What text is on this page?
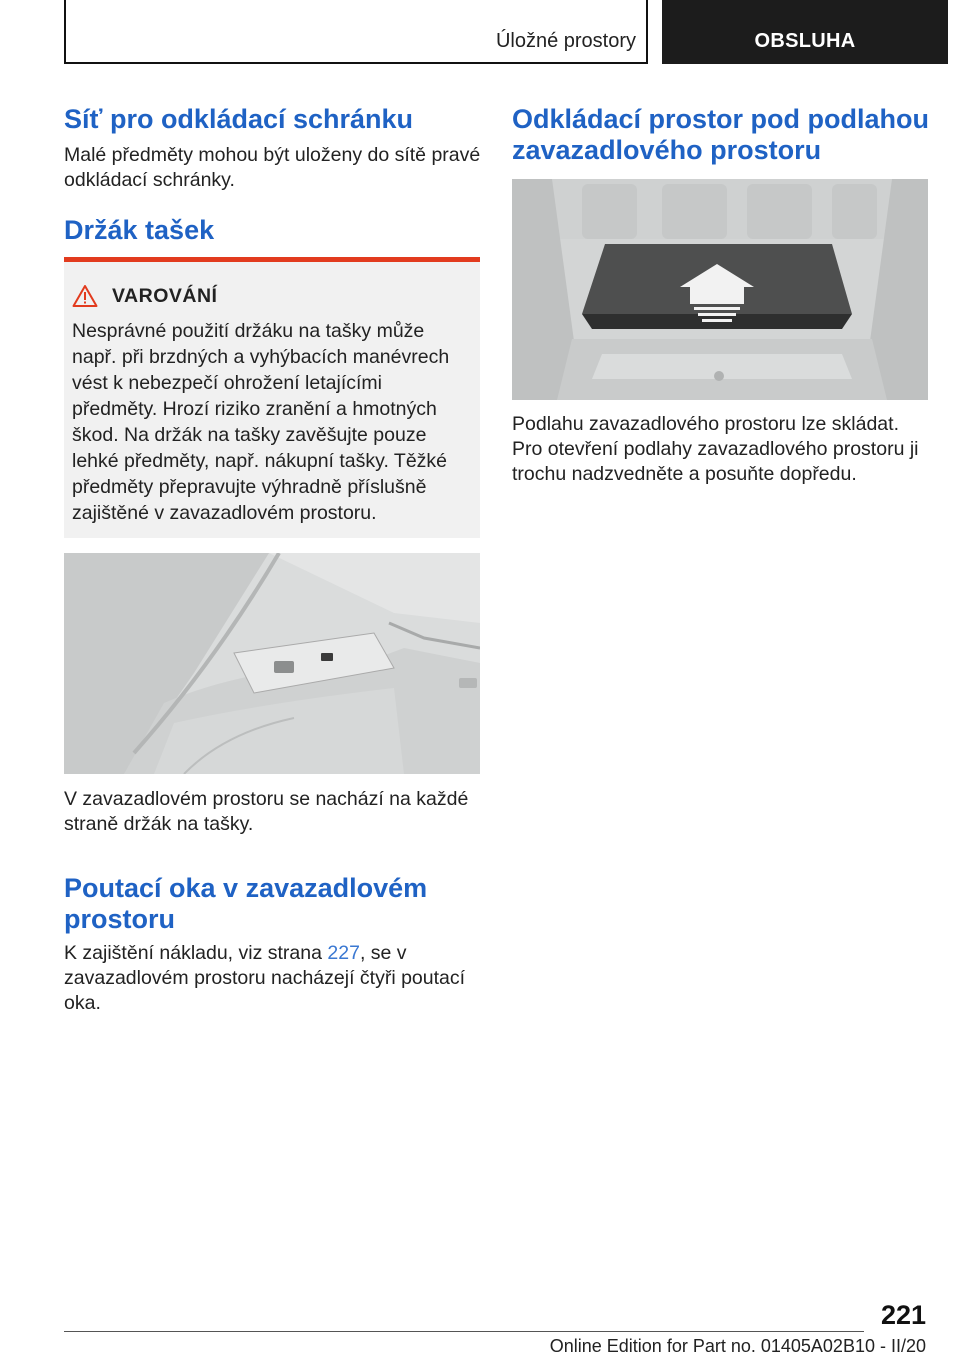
Úložné prostory	OBSLUHA
Síť pro odkládací schránku

Malé předměty mohou být uloženy do sítě pravé odkládací schránky.

Držák tašek
VAROVÁNÍ

Nesprávné použití držáku na tašky může např. při brzdných a vyhýbacích manévrech vést k nebezpečí ohrožení letajícími předměty. Hrozí riziko zranění a hmotných škod. Na držák na tašky zavěšujte pouze lehké předměty, např. nákupní tašky. Těžké předměty přepravujte výhradně příslušně zajištěné v zavazadlovém prostoru.

V zavazadlovém prostoru se nachází na každé straně držák na tašky.

Poutací oka v zavazadlovém prostoru

K zajištění nákladu, viz strana 227, se v zavazadlovém prostoru nacházejí čtyři poutací oka.

Odkládací prostor pod podlahou zavazadlového prostoru

Podlahu zavazadlového prostoru lze skládat. Pro otevření podlahy zavazadlového prostoru ji trochu nadzvedněte a posuňte dopředu.

221
Online Edition for Part no. 01405A02B10 - II/20
